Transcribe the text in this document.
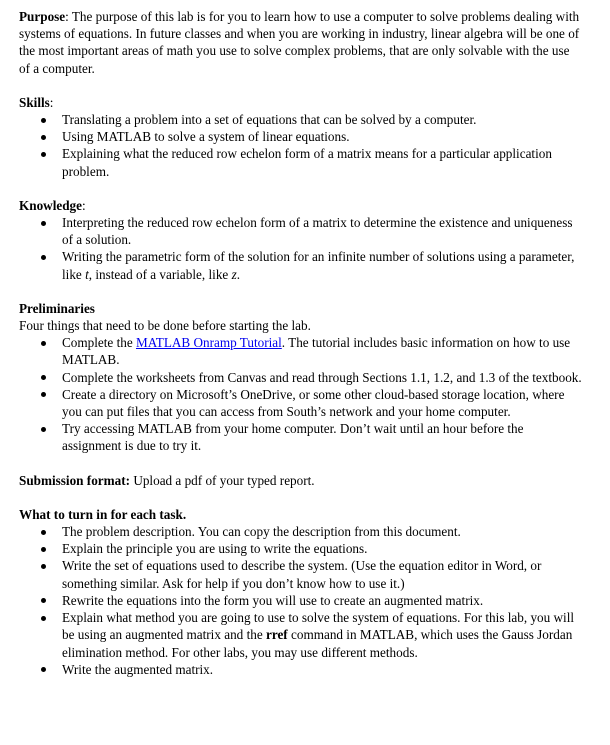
Purpose: The purpose of this lab is for you to learn how to use a computer to solve problems dealing with systems of equations. In future classes and when you are working in industry, linear algebra will be one of the most important areas of math you use to solve complex problems, that are only solvable with the use of a computer.

Skills:

Translating a problem into a set of equations that can be solved by a computer.
Using MATLAB to solve a system of linear equations.
Explaining what the reduced row echelon form of a matrix means for a particular application problem.

Knowledge:

Interpreting the reduced row echelon form of a matrix to determine the existence and uniqueness of a solution.
Writing the parametric form of the solution for an infinite number of solutions using a parameter, like t, instead of a variable, like z.

Preliminaries

Four things that need to be done before starting the lab.

Complete the MATLAB Onramp Tutorial. The tutorial includes basic information on how to use MATLAB.
Complete the worksheets from Canvas and read through Sections 1.1, 1.2, and 1.3 of the textbook.
Create a directory on Microsoft’s OneDrive, or some other cloud-based storage location, where you can put files that you can access from South’s network and your home computer.
Try accessing MATLAB from your home computer. Don’t wait until an hour before the assignment is due to try it.

Submission format: Upload a pdf of your typed report.

What to turn in for each task.

The problem description. You can copy the description from this document.
Explain the principle you are using to write the equations.
Write the set of equations used to describe the system. (Use the equation editor in Word, or something similar. Ask for help if you don’t know how to use it.)
Rewrite the equations into the form you will use to create an augmented matrix.
Explain what method you are going to use to solve the system of equations. For this lab, you will be using an augmented matrix and the rref command in MATLAB, which uses the Gauss Jordan elimination method. For other labs, you may use different methods.
Write the augmented matrix.
